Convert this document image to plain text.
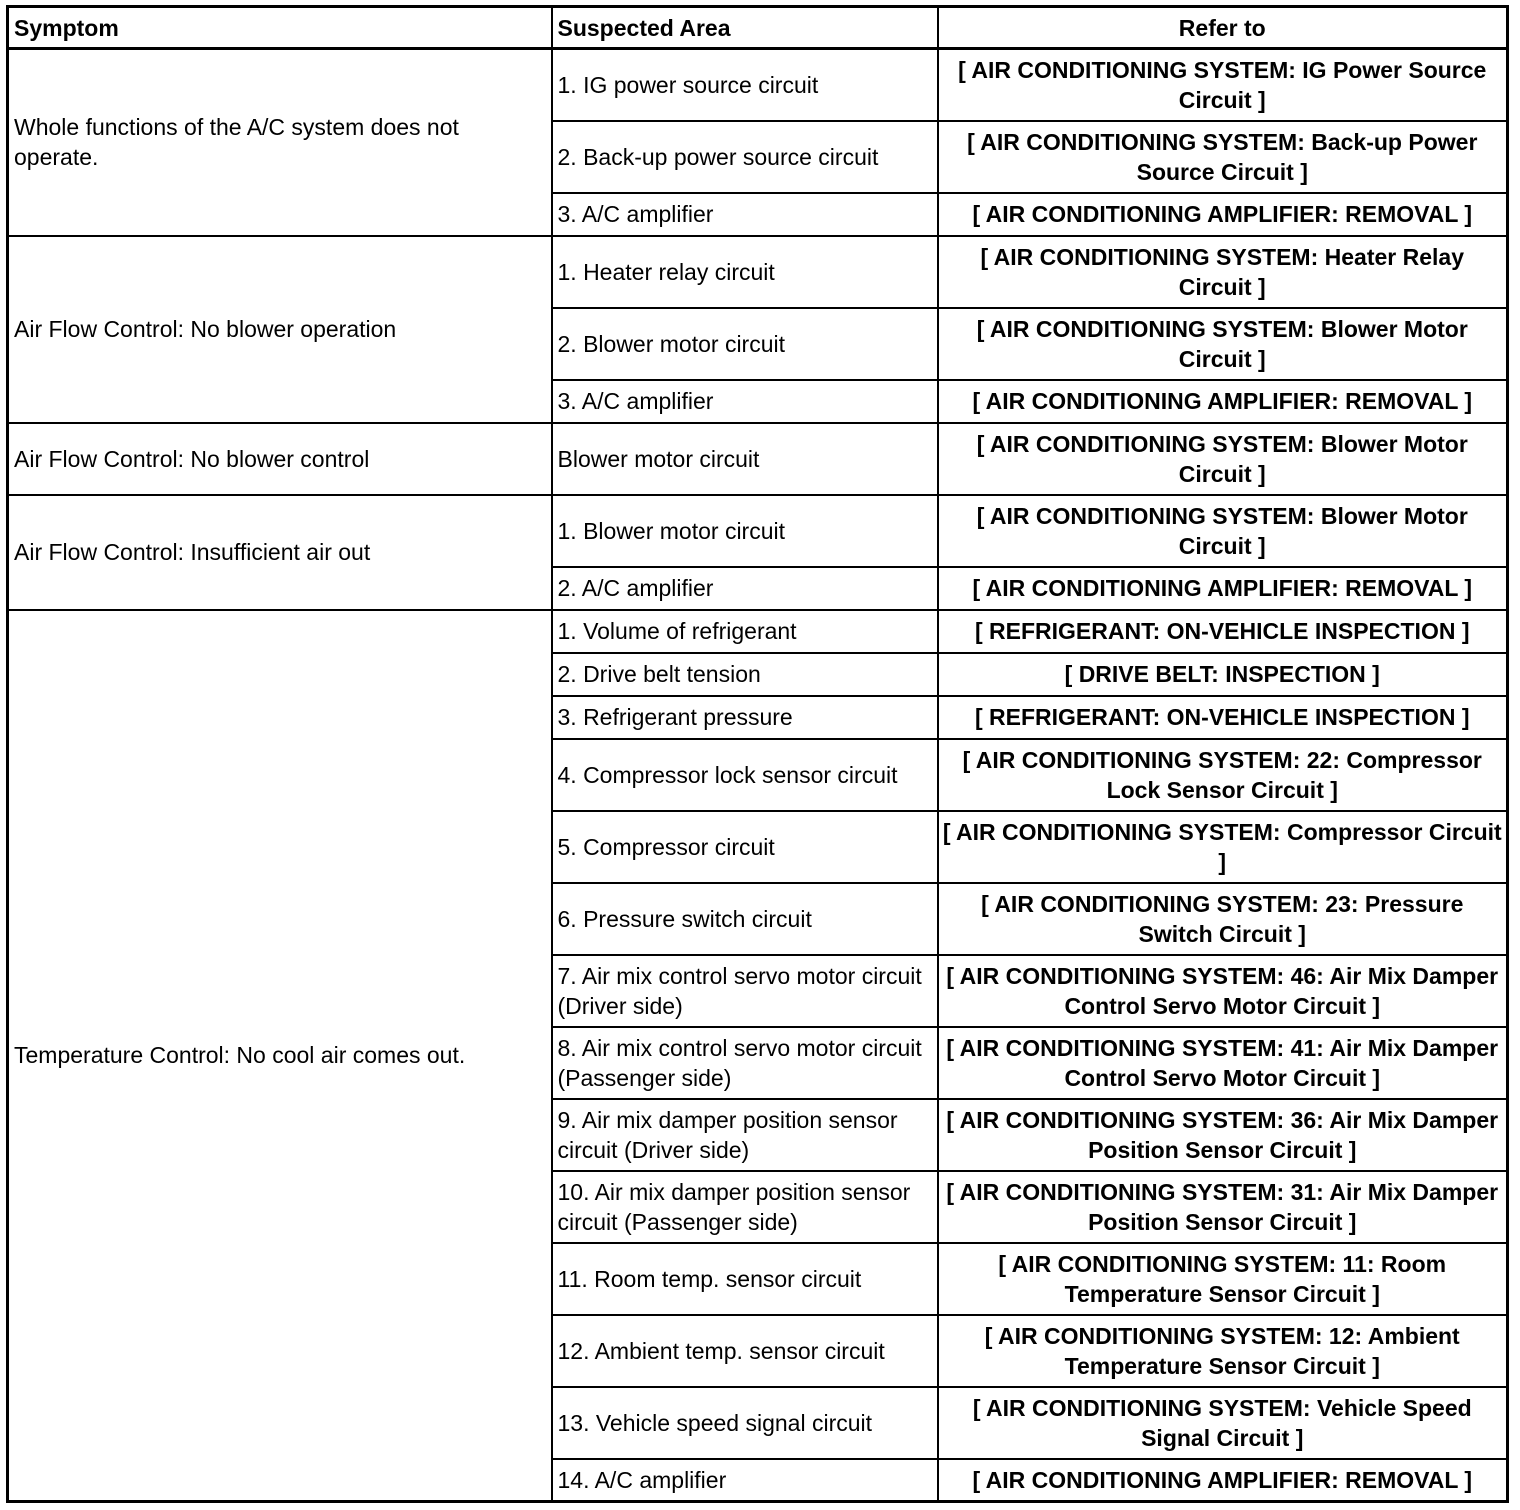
Symptom	Suspected Area	Refer to
Whole functions of the A/C system does not operate.	1. IG power source circuit	[ AIR CONDITIONING SYSTEM: IG Power Source Circuit ]
	2. Back-up power source circuit	[ AIR CONDITIONING SYSTEM: Back-up Power Source Circuit ]
	3. A/C amplifier	[ AIR CONDITIONING AMPLIFIER: REMOVAL ]
Air Flow Control: No blower operation	1. Heater relay circuit	[ AIR CONDITIONING SYSTEM: Heater Relay Circuit ]
	2. Blower motor circuit	[ AIR CONDITIONING SYSTEM: Blower Motor Circuit ]
	3. A/C amplifier	[ AIR CONDITIONING AMPLIFIER: REMOVAL ]
Air Flow Control: No blower control	Blower motor circuit	[ AIR CONDITIONING SYSTEM: Blower Motor Circuit ]
Air Flow Control: Insufficient air out	1. Blower motor circuit	[ AIR CONDITIONING SYSTEM: Blower Motor Circuit ]
	2. A/C amplifier	[ AIR CONDITIONING AMPLIFIER: REMOVAL ]
Temperature Control: No cool air comes out.	1. Volume of refrigerant	[ REFRIGERANT: ON-VEHICLE INSPECTION ]
	2. Drive belt tension	[ DRIVE BELT: INSPECTION ]
	3. Refrigerant pressure	[ REFRIGERANT: ON-VEHICLE INSPECTION ]
	4. Compressor lock sensor circuit	[ AIR CONDITIONING SYSTEM: 22: Compressor Lock Sensor Circuit ]
	5. Compressor circuit	[ AIR CONDITIONING SYSTEM: Compressor Circuit ]
	6. Pressure switch circuit	[ AIR CONDITIONING SYSTEM: 23: Pressure Switch Circuit ]
	7. Air mix control servo motor circuit (Driver side)	[ AIR CONDITIONING SYSTEM: 46: Air Mix Damper Control Servo Motor Circuit ]
	8. Air mix control servo motor circuit (Passenger side)	[ AIR CONDITIONING SYSTEM: 41: Air Mix Damper Control Servo Motor Circuit ]
	9. Air mix damper position sensor circuit (Driver side)	[ AIR CONDITIONING SYSTEM: 36: Air Mix Damper Position Sensor Circuit ]
	10. Air mix damper position sensor circuit (Passenger side)	[ AIR CONDITIONING SYSTEM: 31: Air Mix Damper Position Sensor Circuit ]
	11. Room temp. sensor circuit	[ AIR CONDITIONING SYSTEM: 11: Room Temperature Sensor Circuit ]
	12. Ambient temp. sensor circuit	[ AIR CONDITIONING SYSTEM: 12: Ambient Temperature Sensor Circuit ]
	13. Vehicle speed signal circuit	[ AIR CONDITIONING SYSTEM: Vehicle Speed Signal Circuit ]
	14. A/C amplifier	[ AIR CONDITIONING AMPLIFIER: REMOVAL ]
